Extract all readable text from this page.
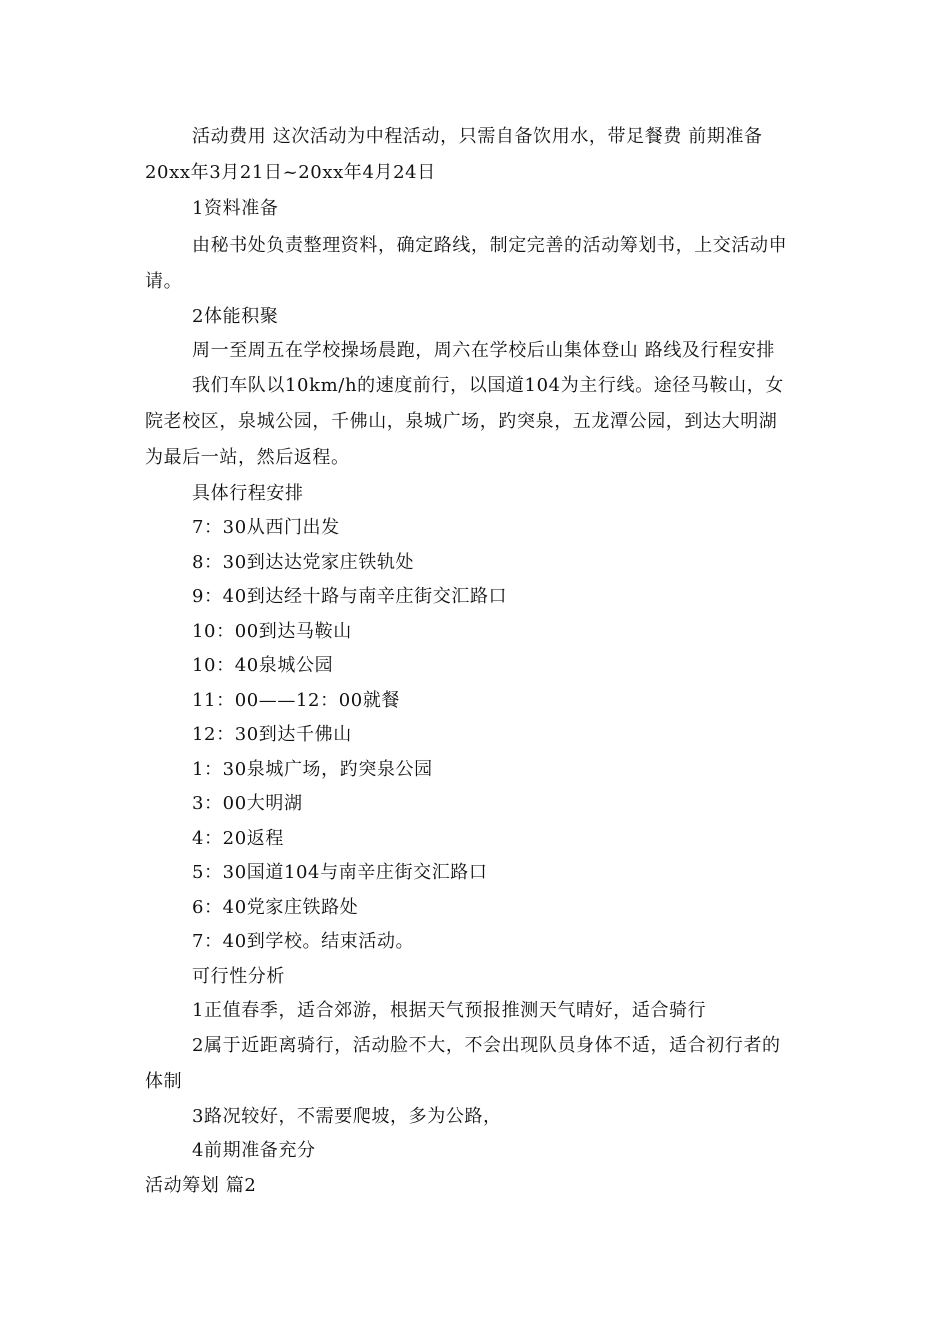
活动费用 这次活动为中程活动，只需自备饮用水，带足餐费 前期准备

20xx年3月21日~20xx年4月24日

1资料准备

由秘书处负责整理资料，确定路线，制定完善的活动筹划书，上交活动申

请。

2体能积聚

周一至周五在学校操场晨跑，周六在学校后山集体登山 路线及行程安排

我们车队以10km/h的速度前行，以国道104为主行线。途径马鞍山，女

院老校区，泉城公园，千佛山，泉城广场，趵突泉，五龙潭公园，到达大明湖

为最后一站，然后返程。

具体行程安排

7：30从西门出发

8：30到达达党家庄铁轨处

9：40到达经十路与南辛庄街交汇路口

10：00到达马鞍山

10：40泉城公园

11：00——12：00就餐

12：30到达千佛山

1：30泉城广场，趵突泉公园

3：00大明湖

4：20返程

5：30国道104与南辛庄街交汇路口

6：40党家庄铁路处

7：40到学校。结束活动。

可行性分析

1正值春季，适合郊游，根据天气预报推测天气晴好，适合骑行

2属于近距离骑行，活动脸不大，不会出现队员身体不适，适合初行者的

体制

3路况较好，不需要爬坡，多为公路，

4前期准备充分

活动筹划 篇2
